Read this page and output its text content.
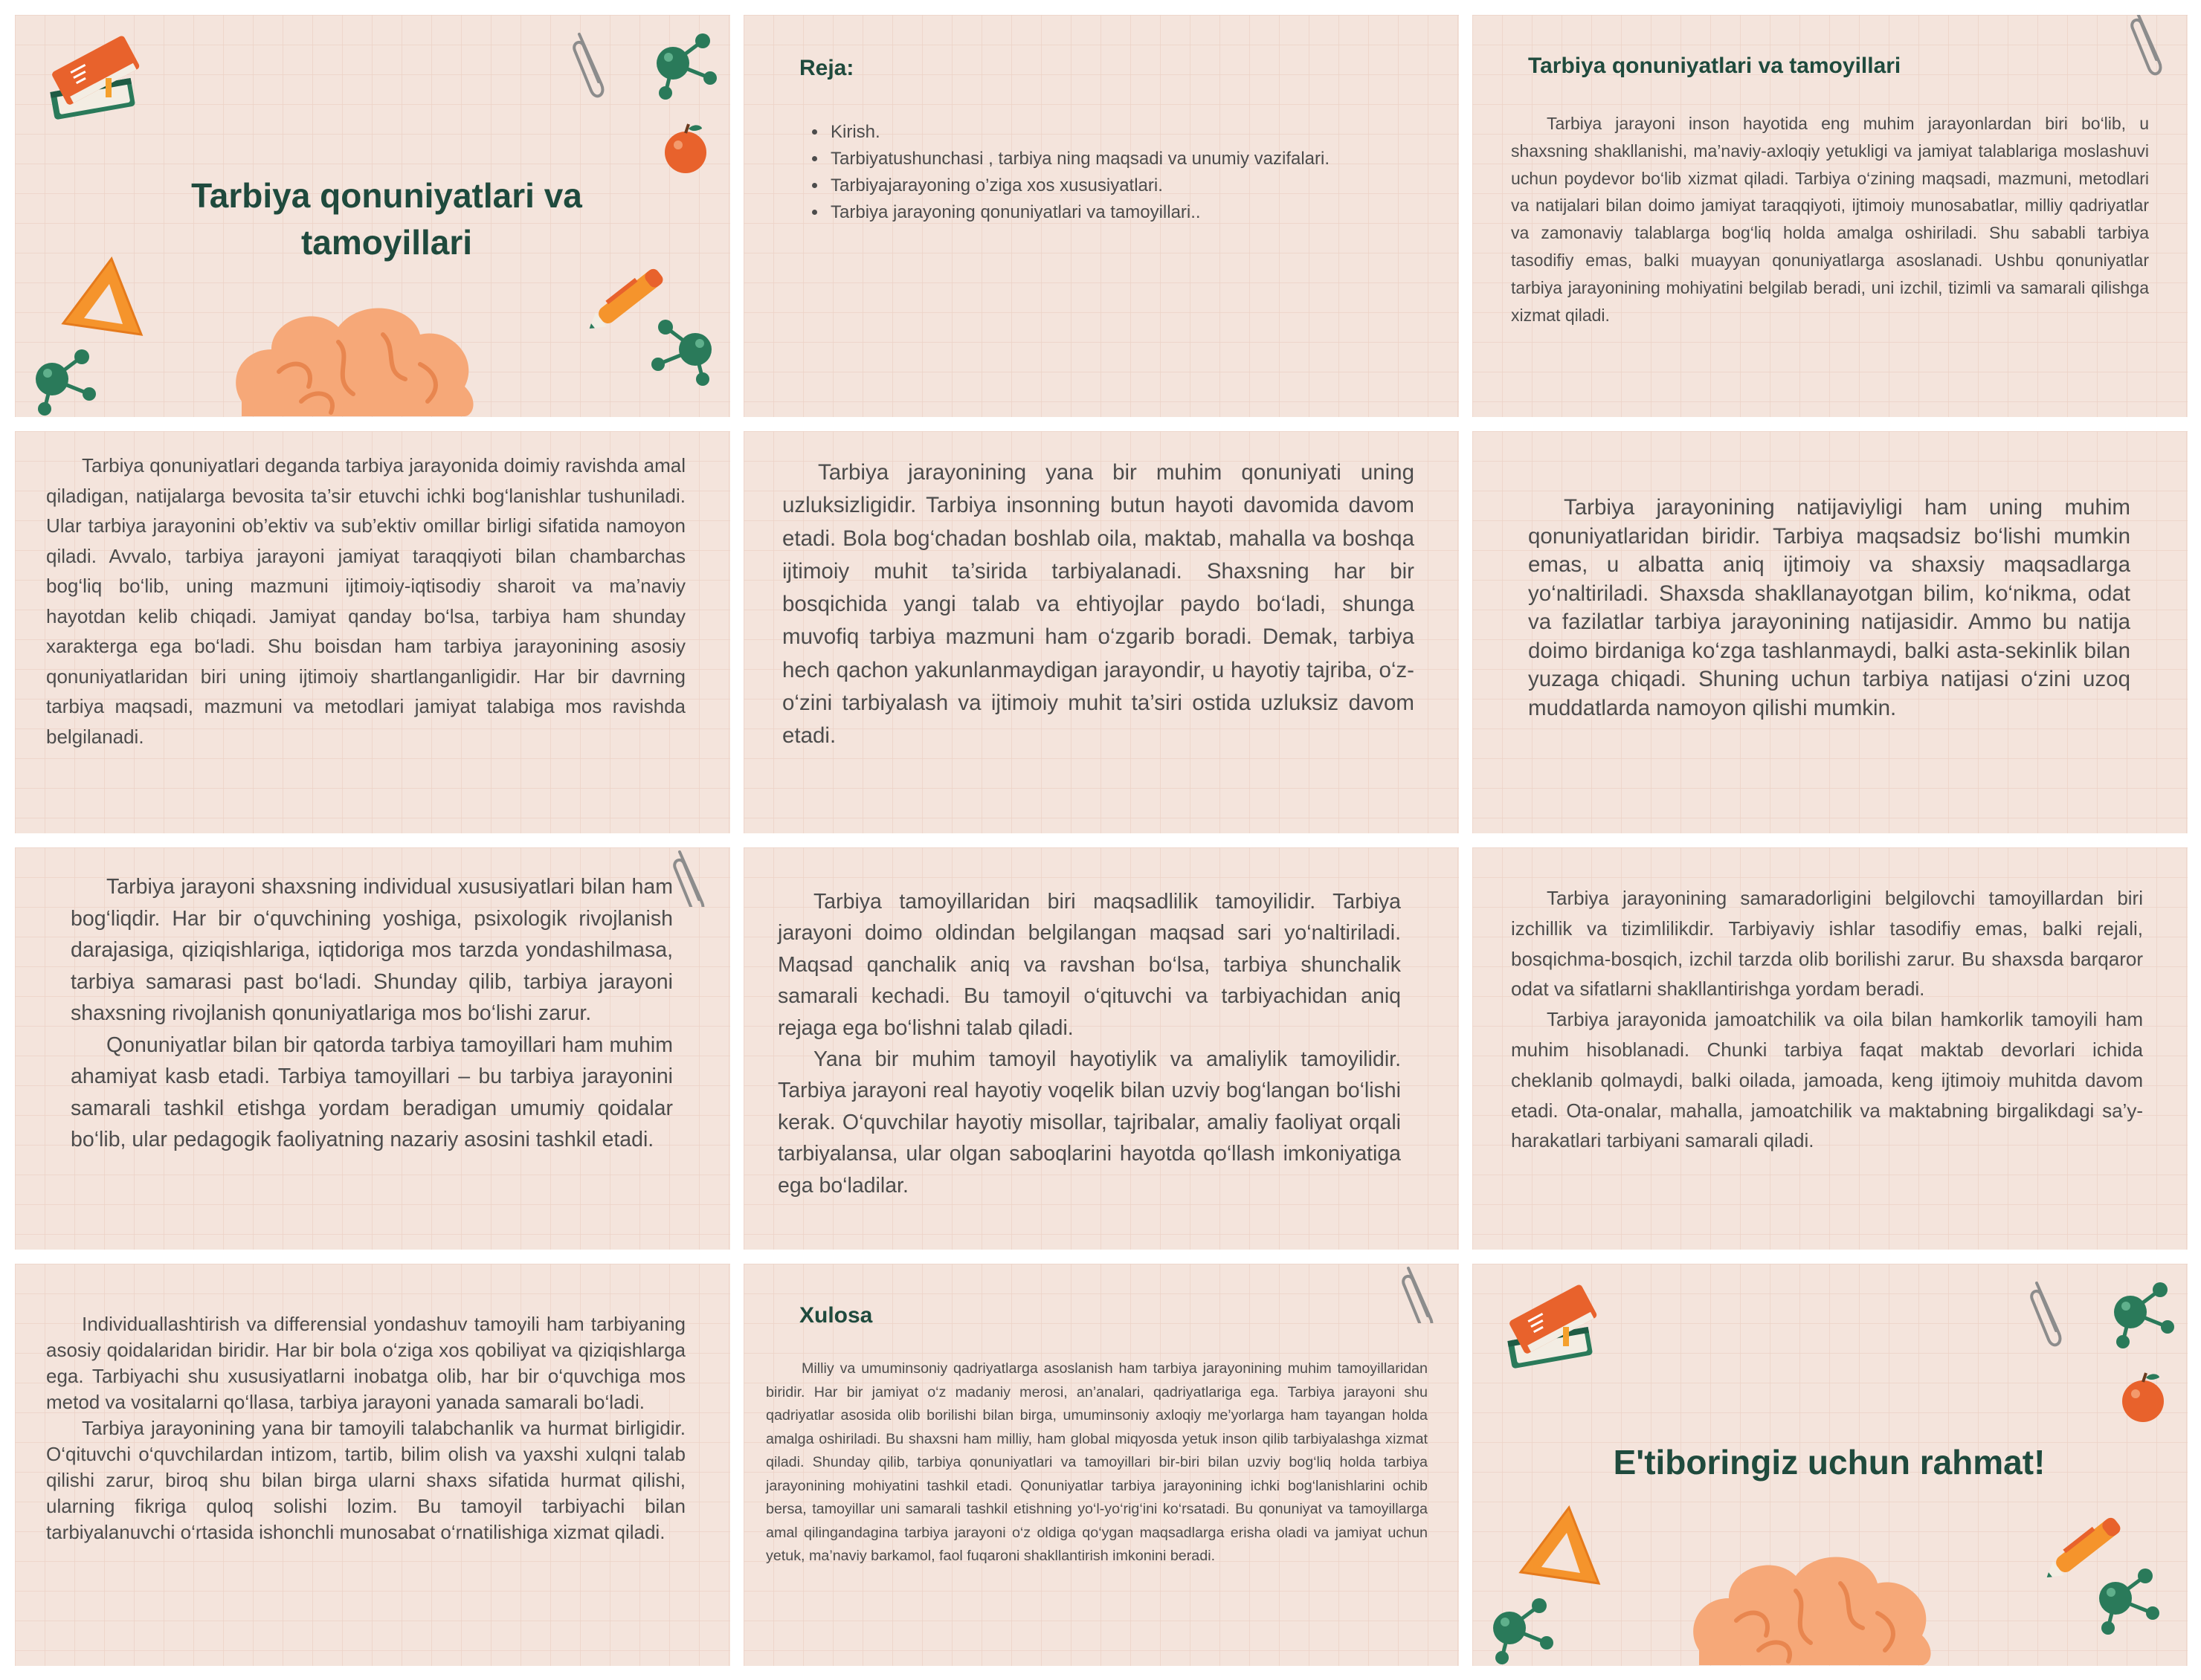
Tarbiya qonuniyatlari va tamoyillari
Reja:
• Kirish.
• Tarbiyatushunchasi , tarbiya ning maqsadi va unumiy vazifalari.
• Tarbiyajarayoning o’ziga xos xususiyatlari.
• Tarbiya jarayoning qonuniyatlari va tamoyillari..
Tarbiya qonuniyatlari va tamoyillari

Tarbiya jarayoni inson hayotida eng muhim jarayonlardan biri bo‘lib, u shaxsning shakllanishi, ma’naviy-axloqiy yetukligi va jamiyat talablariga moslashuvi uchun poydevor bo‘lib xizmat qiladi. Tarbiya o‘zining maqsadi, mazmuni, metodlari va natijalari bilan doimo jamiyat taraqqiyoti, ijtimoiy munosabatlar, milliy qadriyatlar va zamonaviy talablarga bog‘liq holda amalga oshiriladi. Shu sababli tarbiya tasodifiy emas, balki muayyan qonuniyatlarga asoslanadi. Ushbu qonuniyatlar tarbiya jarayonining mohiyatini belgilab beradi, uni izchil, tizimli va samarali qilishga xizmat qiladi.

Tarbiya qonuniyatlari deganda tarbiya jarayonida doimiy ravishda amal qiladigan, natijalarga bevosita ta’sir etuvchi ichki bog‘lanishlar tushuniladi. Ular tarbiya jarayonini ob’ektiv va sub’ektiv omillar birligi sifatida namoyon qiladi. Avvalo, tarbiya jarayoni jamiyat taraqqiyoti bilan chambarchas bog‘liq bo‘lib, uning mazmuni ijtimoiy-iqtisodiy sharoit va ma’naviy hayotdan kelib chiqadi. Jamiyat qanday bo‘lsa, tarbiya ham shunday xarakterga ega bo‘ladi. Shu boisdan ham tarbiya jarayonining asosiy qonuniyatlaridan biri uning ijtimoiy shartlanganligidir. Har bir davrning tarbiya maqsadi, mazmuni va metodlari jamiyat talabiga mos ravishda belgilanadi.

Tarbiya jarayonining yana bir muhim qonuniyati uning uzluksizligidir. Tarbiya insonning butun hayoti davomida davom etadi. Bola bog‘chadan boshlab oila, maktab, mahalla va boshqa ijtimoiy muhit ta’sirida tarbiyalanadi. Shaxsning har bir bosqichida yangi talab va ehtiyojlar paydo bo‘ladi, shunga muvofiq tarbiya mazmuni ham o‘zgarib boradi. Demak, tarbiya hech qachon yakunlanmaydigan jarayondir, u hayotiy tajriba, o‘z-o‘zini tarbiyalash va ijtimoiy muhit ta’siri ostida uzluksiz davom etadi.

Tarbiya jarayonining natijaviyligi ham uning muhim qonuniyatlaridan biridir. Tarbiya maqsadsiz bo‘lishi mumkin emas, u albatta aniq ijtimoiy va shaxsiy maqsadlarga yo‘naltiriladi. Shaxsda shakllanayotgan bilim, ko‘nikma, odat va fazilatlar tarbiya jarayonining natijasidir. Ammo bu natija doimo birdaniga ko‘zga tashlanmaydi, balki asta-sekinlik bilan yuzaga chiqadi. Shuning uchun tarbiya natijasi o‘zini uzoq muddatlarda namoyon qilishi mumkin.

Tarbiya jarayoni shaxsning individual xususiyatlari bilan ham bog‘liqdir. Har bir o‘quvchining yoshiga, psixologik rivojlanish darajasiga, qiziqishlariga, iqtidoriga mos tarzda yondashilmasa, tarbiya samarasi past bo‘ladi. Shunday qilib, tarbiya jarayoni shaxsning rivojlanish qonuniyatlariga mos bo‘lishi zarur.

Qonuniyatlar bilan bir qatorda tarbiya tamoyillari ham muhim ahamiyat kasb etadi. Tarbiya tamoyillari – bu tarbiya jarayonini samarali tashkil etishga yordam beradigan umumiy qoidalar bo‘lib, ular pedagogik faoliyatning nazariy asosini tashkil etadi.

Tarbiya tamoyillaridan biri maqsadlilik tamoyilidir. Tarbiya jarayoni doimo oldindan belgilangan maqsad sari yo‘naltiriladi. Maqsad qanchalik aniq va ravshan bo‘lsa, tarbiya shunchalik samarali kechadi. Bu tamoyil o‘qituvchi va tarbiyachidan aniq rejaga ega bo‘lishni talab qiladi.

Yana bir muhim tamoyil hayotiylik va amaliylik tamoyilidir. Tarbiya jarayoni real hayotiy voqelik bilan uzviy bog‘langan bo‘lishi kerak. O‘quvchilar hayotiy misollar, tajribalar, amaliy faoliyat orqali tarbiyalansa, ular olgan saboqlarini hayotda qo‘llash imkoniyatiga ega bo‘ladilar.

Tarbiya jarayonining samaradorligini belgilovchi tamoyillardan biri izchillik va tizimlilikdir. Tarbiyaviy ishlar tasodifiy emas, balki rejali, bosqichma-bosqich, izchil tarzda olib borilishi zarur. Bu shaxsda barqaror odat va sifatlarni shakllantirishga yordam beradi.

Tarbiya jarayonida jamoatchilik va oila bilan hamkorlik tamoyili ham muhim hisoblanadi. Chunki tarbiya faqat maktab devorlari ichida cheklanib qolmaydi, balki oilada, jamoada, keng ijtimoiy muhitda davom etadi. Ota-onalar, mahalla, jamoatchilik va maktabning birgalikdagi sa’y-harakatlari tarbiyani samarali qiladi.

Individuallashtirish va differensial yondashuv tamoyili ham tarbiyaning asosiy qoidalaridan biridir. Har bir bola o‘ziga xos qobiliyat va qiziqishlarga ega. Tarbiyachi shu xususiyatlarni inobatga olib, har bir o‘quvchiga mos metod va vositalarni qo‘llasa, tarbiya jarayoni yanada samarali bo‘ladi.

Tarbiya jarayonining yana bir tamoyili talabchanlik va hurmat birligidir. O‘qituvchi o‘quvchilardan intizom, tartib, bilim olish va yaxshi xulqni talab qilishi zarur, biroq shu bilan birga ularni shaxs sifatida hurmat qilishi, ularning fikriga quloq solishi lozim. Bu tamoyil tarbiyachi bilan tarbiyalanuvchi o‘rtasida ishonchli munosabat o‘rnatilishiga xizmat qiladi.

Xulosa

Milliy va umuminsoniy qadriyatlarga asoslanish ham tarbiya jarayonining muhim tamoyillaridan biridir. Har bir jamiyat o‘z madaniy merosi, an’analari, qadriyatlariga ega. Tarbiya jarayoni shu qadriyatlar asosida olib borilishi bilan birga, umuminsoniy axloqiy me’yorlarga ham tayangan holda amalga oshiriladi. Bu shaxsni ham milliy, ham global miqyosda yetuk inson qilib tarbiyalashga xizmat qiladi. Shunday qilib, tarbiya qonuniyatlari va tamoyillari bir-biri bilan uzviy bog‘liq holda tarbiya jarayonining mohiyatini tashkil etadi. Qonuniyatlar tarbiya jarayonining ichki bog‘lanishlarini ochib bersa, tamoyillar uni samarali tashkil etishning yo‘l-yo‘rig‘ini ko‘rsatadi. Bu qonuniyat va tamoyillarga amal qilingandagina tarbiya jarayoni o‘z oldiga qo‘ygan maqsadlarga erisha oladi va jamiyat uchun yetuk, ma’naviy barkamol, faol fuqaroni shakllantirish imkonini beradi.

E'tiboringiz uchun rahmat!
